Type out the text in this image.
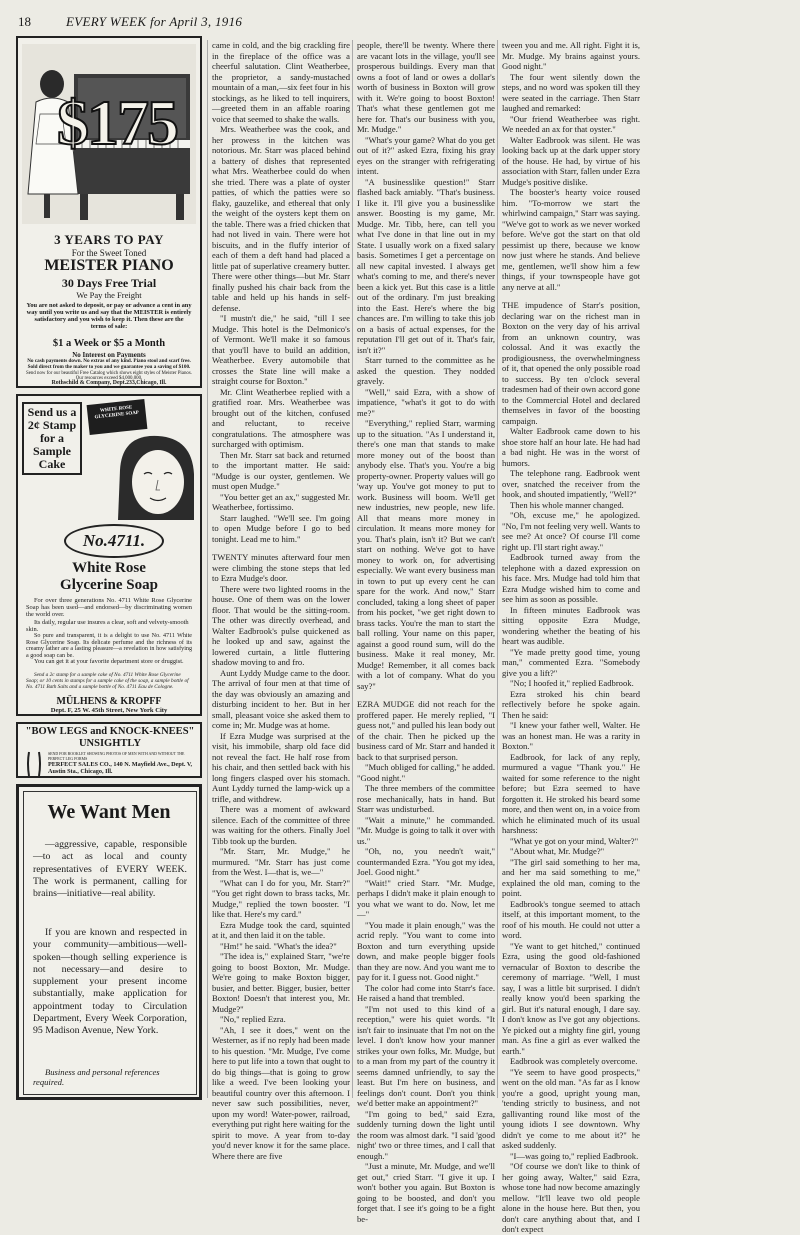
18	EVERY WEEK for April 3, 1916
$175
3 YEARS TO PAY
For the Sweet Toned
MEISTER PIANO
30 Days Free Trial
We Pay the Freight
You are not asked to deposit, or pay or advance a cent in any way until you write us and say that the MEISTER is entirely satisfactory and you wish to keep it. Then these are the terms of sale:
$1 a Week or $5 a Month
No Interest on Payments
No cash payments down. No extras of any kind. Piano stool and scarf free. Sold direct from the maker to you and we guarantee you a saving of $100.
Send now for our beautiful Free Catalog which shows eight styles of Meister Pianos. Our resources exceed $4,000,000.
Rothschild & Company, Dept.233,Chicago, Ill.
Send us a 2¢ Stamp for a Sample Cake
WHITE ROSE GLYCERINE SOAP
No.4711.
White Rose
Glycerine Soap
For over three generations No. 4711 White Rose Glycerine Soap has been used—and endorsed—by discriminating women the world over.
Its daily, regular use insures a clear, soft and velvety-smooth skin.
So pure and transparent, it is a delight to use No. 4711 White Rose Glycerine Soap. Its delicate perfume and the richness of its creamy lather are a lasting pleasure—a revelation in how satisfying a good soap can be.
You can get it at your favorite department store or druggist.
Send a 2c stamp for a sample cake of No. 4711 White Rose Glycerine Soap; or 10 cents in stamps for a sample cake of the soap, a sample bottle of No. 4711 Bath Salts and a sample bottle of No. 4711 Eau de Cologne.
MÜLHENS & KROPFF
Dept. F, 25 W. 45th Street, New York City
"BOW LEGS and KNOCK-KNEES" UNSIGHTLY
SEND FOR BOOKLET SHOWING PHOTOS OF MEN WITH AND WITHOUT THE PERFECT LEG FORMS
PERFECT SALES CO., 140 N. Mayfield Ave., Dept. V, Austin Sta., Chicago, Ill.
We Want Men
—aggressive, capable, responsible—to act as local and county representatives of EVERY WEEK. The work is permanent, calling for brains—initiative—real ability.
If you are known and respected in your community—ambitious—well-spoken—though selling experience is not necessary—and desire to supplement your present income substantially, make application for appointment today to Circulation Department, Every Week Corporation, 95 Madison Avenue, New York.
Business and personal references required.

came in cold, and the big crackling fire in the fireplace of the office was a cheerful salutation. Clint Weatherbee, the proprietor, a sandy-mustached mountain of a man,—six feet four in his stockings, as he liked to tell inquirers,—greeted them in an affable roaring voice that seemed to shake the walls.

Mrs. Weatherbee was the cook, and her prowess in the kitchen was notorious. Mr. Starr was placed behind a battery of dishes that represented what Mrs. Weatherbee could do when she tried. There was a plate of oyster patties, of which the patties were so flaky, gauzelike, and ethereal that only the weight of the oysters kept them on the table. There was a fried chicken that had not lived in vain. There were hot biscuits, and in the fluffy interior of each of them a deft hand had placed a little pat of superlative creamery butter. There were other things—but Mr. Starr finally pushed his chair back from the table and held up his hands in self-defense.

"I mustn't die," he said, "till I see Mudge. This hotel is the Delmonico's of Vermont. We'll make it so famous that you'll have to build an addition, Weatherbee. Every automobile that crosses the State line will make a straight course for Boxton."

Mr. Clint Weatherbee replied with a gratified roar. Mrs. Weatherbee was brought out of the kitchen, confused and reluctant, to receive congratulations. The atmosphere was surcharged with optimism.

Then Mr. Starr sat back and returned to the important matter. He said: "Mudge is our oyster, gentlemen. We must open Mudge."

"You better get an ax," suggested Mr. Weatherbee, fortissimo.

Starr laughed. "We'll see. I'm going to open Mudge before I go to bed tonight. Lead me to him."

TWENTY minutes afterward four men were climbing the stone steps that led to Ezra Mudge's door.

There were two lighted rooms in the house. One of them was on the lower floor. That would be the sitting-room. The other was directly overhead, and Walter Eadbrook's pulse quickened as he looked up and saw, against the lowered curtain, a little fluttering shadow moving to and fro.

Aunt Lyddy Mudge came to the door. The arrival of four men at that time of the day was obviously an amazing and disturbing incident to her. But in her small, pleasant voice she asked them to come in; Mr. Mudge was at home.

If Ezra Mudge was surprised at the visit, his immobile, sharp old face did not reveal the fact. He half rose from his chair, and then settled back with his long fingers clasped over his stomach. Aunt Lyddy turned the lamp-wick up a trifle, and withdrew.

There was a moment of awkward silence. Each of the committee of three was waiting for the others. Finally Joel Tibb took up the burden.

"Mr. Starr, Mr. Mudge," he murmured. "Mr. Starr has just come from the West. I—that is, we—"

"What can I do for you, Mr. Starr?" "You get right down to brass tacks, Mr. Mudge," replied the town booster. "I like that. Here's my card."

Ezra Mudge took the card, squinted at it, and then laid it on the table.

"Hm!" he said. "What's the idea?"

"The idea is," explained Starr, "we're going to boost Boxton, Mr. Mudge. We're going to make Boxton bigger, busier, and better. Bigger, busier, better Boxton! Doesn't that interest you, Mr. Mudge?"

"No," replied Ezra.

"Ah, I see it does," went on the Westerner, as if no reply had been made to his question. "Mr. Mudge, I've come here to put life into a town that ought to do big things—that is going to grow like a weed. I've been looking your beautiful country over this afternoon. I never saw such possibilities, never, upon my word! Water-power, railroad, everything put right here waiting for the spirit to move. A year from to-day you'd never know it for the same place. Where there are five

people, there'll be twenty. Where there are vacant lots in the village, you'll see prosperous buildings. Every man that owns a foot of land or owes a dollar's worth of business in Boxton will grow with it. We're going to boost Boxton! That's what these gentlemen got me here for. That's our business with you, Mr. Mudge."

"What's your game? What do you get out of it?" asked Ezra, fixing his gray eyes on the stranger with refrigerating intent.

"A businesslike question!" Starr flashed back amiably. "That's business. I like it. I'll give you a businesslike answer. Boosting is my game, Mr. Mudge. Mr. Tibb, here, can tell you what I've done in that line out in my State. I usually work on a fixed salary basis. Sometimes I get a percentage on all new capital invested. I always get what's coming to me, and there's never been a kick yet. But this case is a little out of the ordinary. I'm just breaking into the East. Here's where the big chances are. I'm willing to take this job on a basis of actual expenses, for the reputation I'll get out of it. That's fair, isn't it?"

Starr turned to the committee as he asked the question. They nodded gravely.

"Well," said Ezra, with a show of impatience, "what's it got to do with me?"

"Everything," replied Starr, warming up to the situation. "As I understand it, there's one man that stands to make more money out of the boost than anybody else. That's you. You're a big property-owner. Property values will go 'way up. You've got money to put to work. Business will boom. We'll get new industries, new people, new life. All that means more money in circulation. It means more money for you. That's plain, isn't it? But we can't start on nothing. We've got to have money to work on, for advertising especially. We want every business man in town to put up every cent he can spare for the work. And now," Starr concluded, taking a long sheet of paper from his pocket, "we get right down to brass tacks. You're the man to start the ball rolling. Your name on this paper, against a good round sum, will do the business. Make it real money, Mr. Mudge! Remember, it all comes back with a lot of company. What do you say?"

EZRA MUDGE did not reach for the proffered paper. He merely replied, "I guess not," and pulled his lean body out of the chair. Then he picked up the business card of Mr. Starr and handed it back to that surprised person.

"Much obliged for calling," he added. "Good night."

The three members of the committee rose mechanically, hats in hand. But Starr was undisturbed.

"Wait a minute," he commanded. "Mr. Mudge is going to talk it over with us."

"Oh, no, you needn't wait," countermanded Ezra. "You got my idea, Joel. Good night."

"Wait!" cried Starr. "Mr. Mudge, perhaps I didn't make it plain enough to you what we want to do. Now, let me—"

"You made it plain enough," was the acrid reply. "You want to come into Boxton and turn everything upside down, and make people bigger fools than they are now. And you want me to pay for it. I guess not. Good night."

The color had come into Starr's face. He raised a hand that trembled.

"I'm not used to this kind of a reception," were his quiet words. "It isn't fair to insinuate that I'm not on the level. I don't know how your manner strikes your own folks, Mr. Mudge, but to a man from my part of the country it seems damned unfriendly, to say the least. But I'm here on business, and feelings don't count. Don't you think we'd better make an appointment?"

"I'm going to bed," said Ezra, suddenly turning down the light until the room was almost dark. "I said 'good night' two or three times, and I call that enough."

"Just a minute, Mr. Mudge, and we'll get out," cried Starr. "I give it up. I won't bother you again. But Boxton is going to be boosted, and don't you forget that. I see it's going to be a fight be-

tween you and me. All right. Fight it is, Mr. Mudge. My brains against yours. Good night."

The four went silently down the steps, and no word was spoken till they were seated in the carriage. Then Starr laughed and remarked:

"Our friend Weatherbee was right. We needed an ax for that oyster."

Walter Eadbrook was silent. He was looking back up at the dark upper story of the house. He had, by virtue of his association with Starr, fallen under Ezra Mudge's positive dislike.

The booster's hearty voice roused him. "To-morrow we start the whirlwind campaign," Starr was saying. "We've got to work as we never worked before. We've got the start on that old pessimist up there, because we know now just where he stands. And believe me, gentlemen, we'll show him a few things, if your townspeople have got any nerve at all."

THE impudence of Starr's position, declaring war on the richest man in Boxton on the very day of his arrival from an unknown country, was colossal. And it was exactly the prodigiousness, the overwhelmingness of it, that opened the only possible road to success. By ten o'clock several tradesmen had of their own accord gone to the Commercial Hotel and declared themselves in favor of the boosting campaign.

Walter Eadbrook came down to his shoe store half an hour late. He had had a bad night. He was in the worst of humors.

The telephone rang. Eadbrook went over, snatched the receiver from the hook, and shouted impatiently, "Well?"

Then his whole manner changed.

"Oh, excuse me," he apologized. "No, I'm not feeling very well. Wants to see me? At once? Of course I'll come right up. I'll start right away."

Eadbrook turned away from the telephone with a dazed expression on his face. Mrs. Mudge had told him that Ezra Mudge wished him to come and see him as soon as possible.

In fifteen minutes Eadbrook was sitting opposite Ezra Mudge, wondering whether the beating of his heart was audible.

"Ye made pretty good time, young man," commented Ezra. "Somebody give you a lift?"

"No; I hoofed it," replied Eadbrook.

Ezra stroked his chin beard reflectively before he spoke again. Then he said:

"I knew your father well, Walter. He was an honest man. He was a rarity in Boxton."

Eadbrook, for lack of any reply, murmured a vague "Thank you." He waited for some reference to the night before; but Ezra seemed to have forgotten it. He stroked his beard some more, and then went on, in a voice from which he eliminated much of its usual harshness:

"What ye got on your mind, Walter?"

"About what, Mr. Mudge?"

"The girl said something to her ma, and her ma said something to me," explained the old man, coming to the point.

Eadbrook's tongue seemed to attach itself, at this important moment, to the roof of his mouth. He could not utter a word.

"Ye want to get hitched," continued Ezra, using the good old-fashioned vernacular of Boxton to describe the ceremony of marriage. "Well, I must say, I was a little bit surprised. I didn't really know you'd been sparking the girl. But it's natural enough, I dare say. I don't know as I've got any objections. Ye picked out a mighty fine girl, young man. As fine a girl as ever walked the earth."

Eadbrook was completely overcome.

"Ye seem to have good prospects," went on the old man. "As far as I know you're a good, upright young man, 'tending strictly to business, and not gallivanting round like most of the young idiots I see downtown. Why didn't ye come to me about it?" he asked suddenly.

"I—was going to," replied Eadbrook.

"Of course we don't like to think of her going away, Walter," said Ezra, whose tone had now become amazingly mellow. "It'll leave two old people alone in the house here. But then, you don't care anything about that, and I don't expect
